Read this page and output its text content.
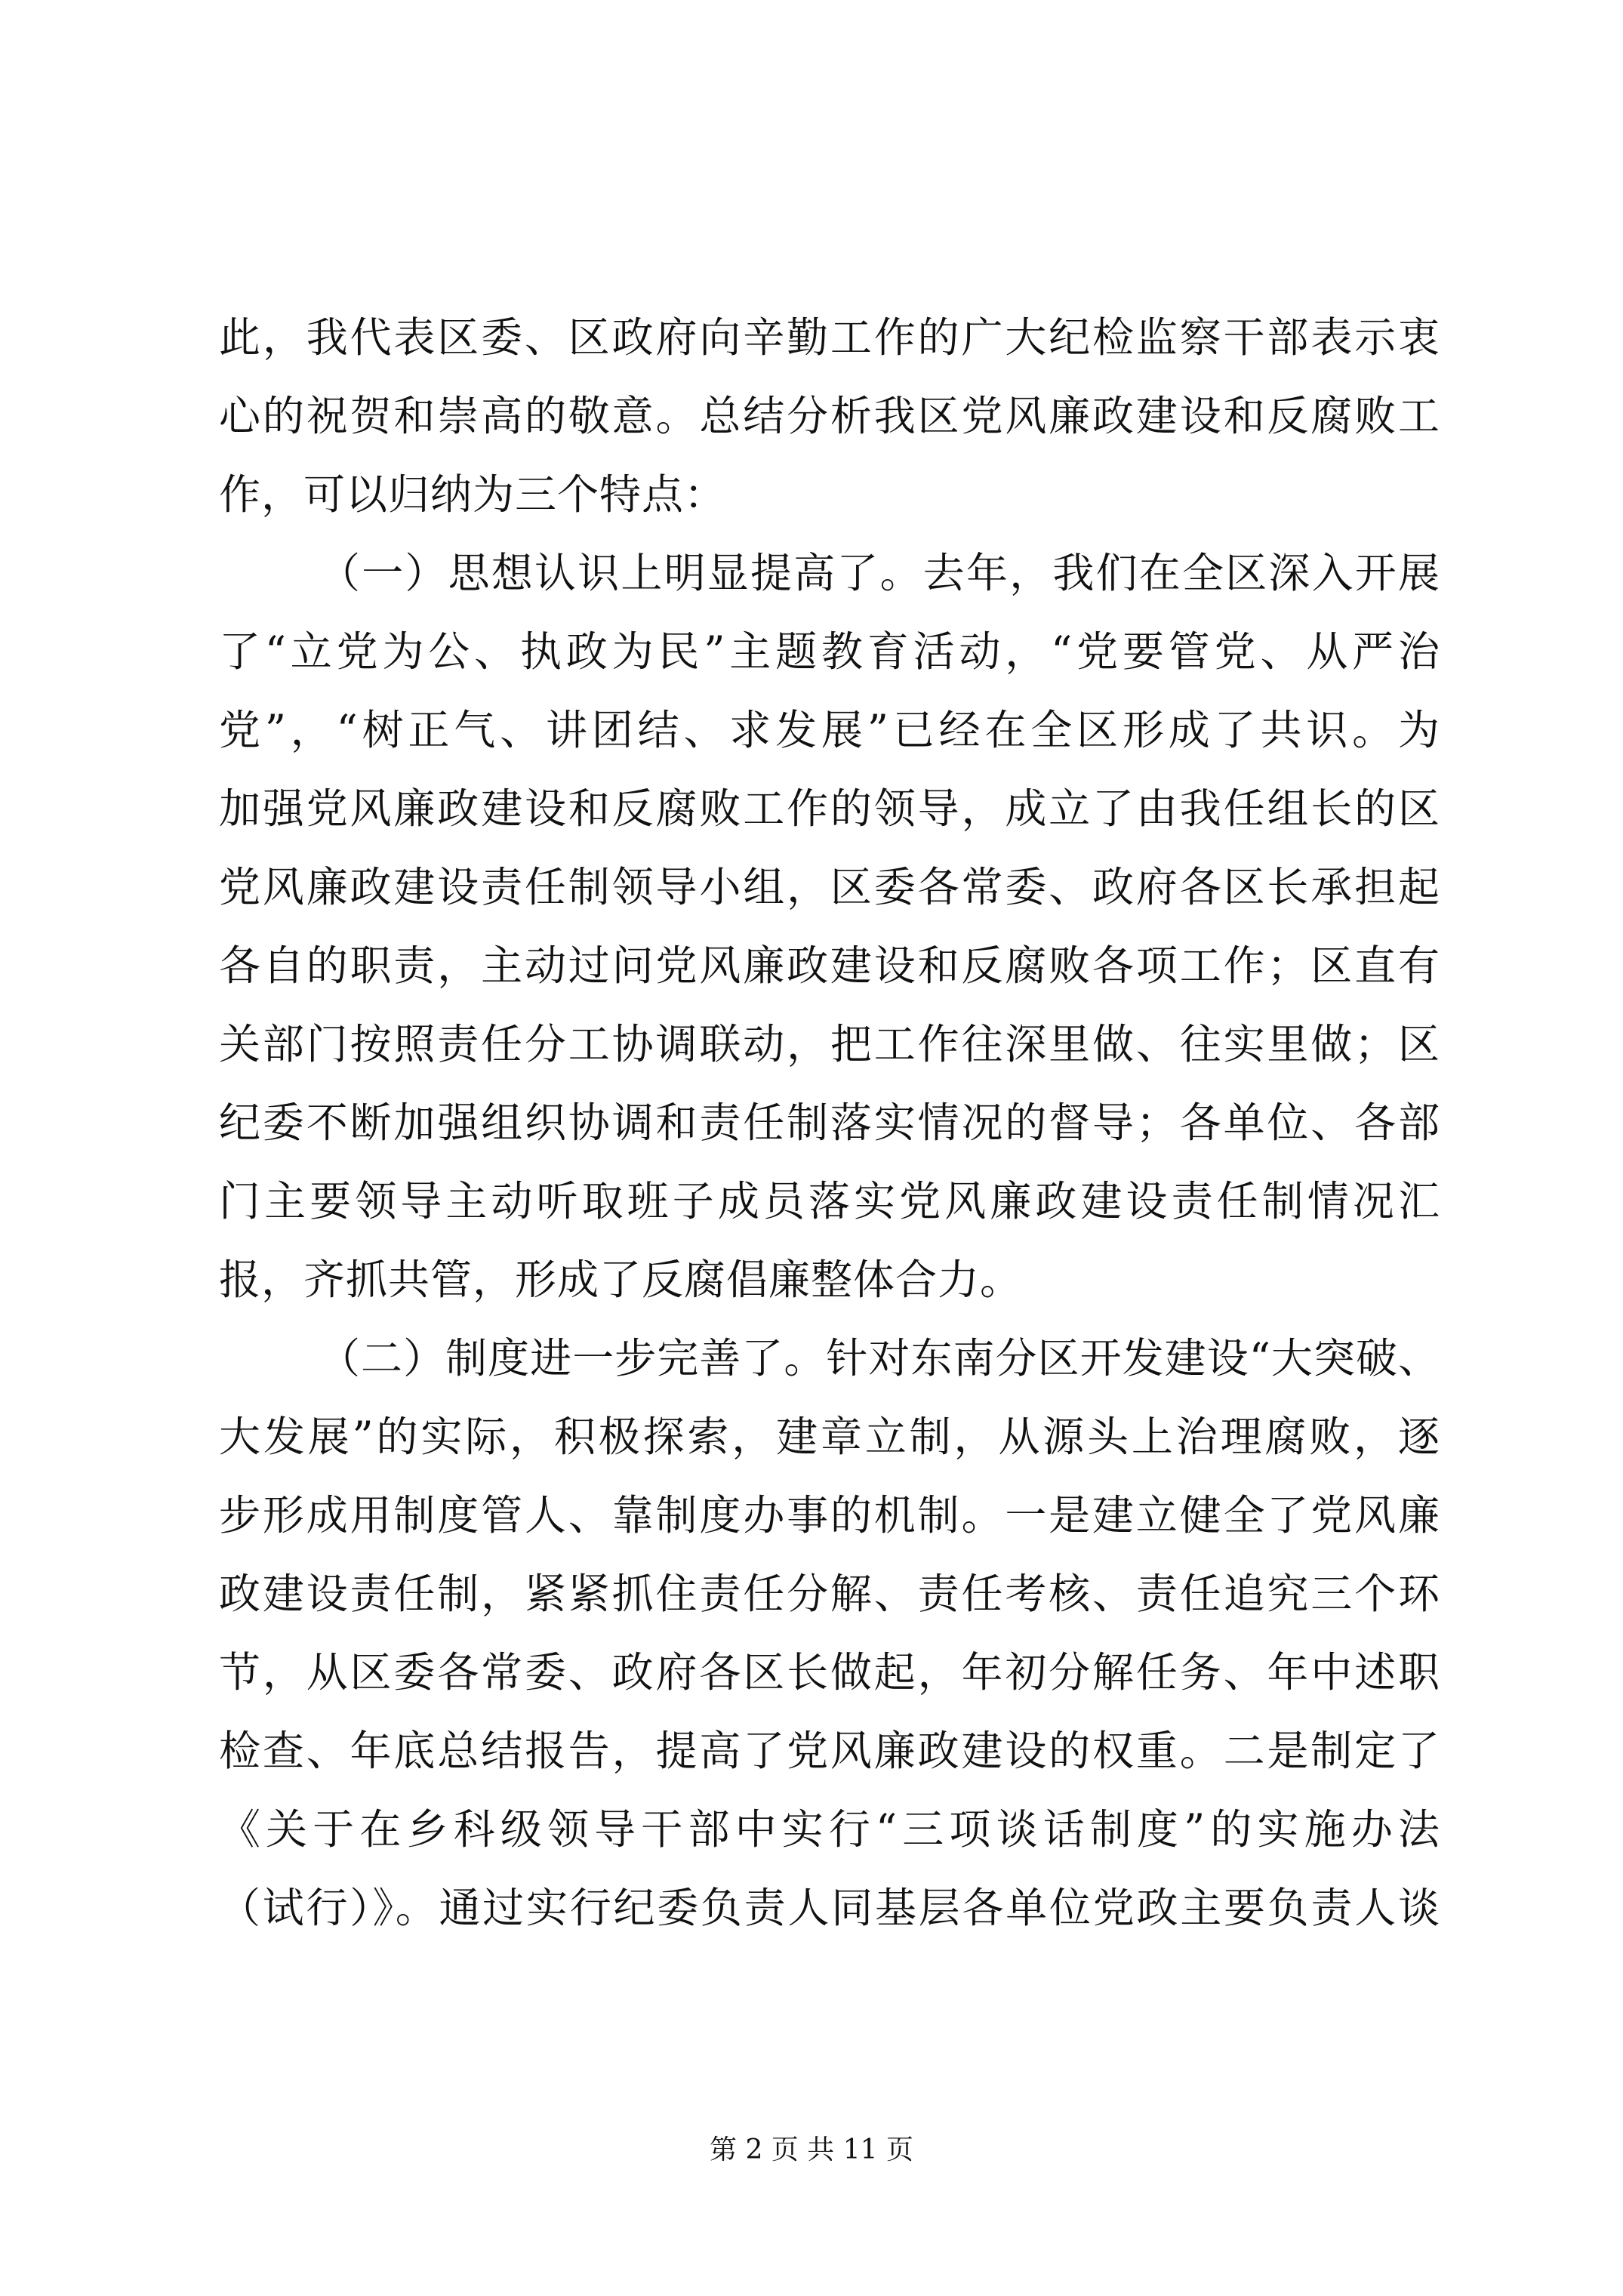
此，我代表区委、区政府向辛勤工作的广大纪检监察干部表示衷
心的祝贺和崇高的敬意。总结分析我区党风廉政建设和反腐败工
作，可以归纳为三个特点：
（一）思想认识上明显提高了。去年，我们在全区深入开展
了“立党为公、执政为民”主题教育活动，“党要管党、从严治
党”，“树正气、讲团结、求发展”已经在全区形成了共识。为
加强党风廉政建设和反腐败工作的领导，成立了由我任组长的区
党风廉政建设责任制领导小组，区委各常委、政府各区长承担起
各自的职责，主动过问党风廉政建设和反腐败各项工作；区直有
关部门按照责任分工协调联动，把工作往深里做、往实里做；区
纪委不断加强组织协调和责任制落实情况的督导；各单位、各部
门主要领导主动听取班子成员落实党风廉政建设责任制情况汇
报，齐抓共管，形成了反腐倡廉整体合力。
（二）制度进一步完善了。针对东南分区开发建设“大突破、
大发展”的实际，积极探索，建章立制，从源头上治理腐败，逐
步形成用制度管人、靠制度办事的机制。一是建立健全了党风廉
政建设责任制，紧紧抓住责任分解、责任考核、责任追究三个环
节，从区委各常委、政府各区长做起，年初分解任务、年中述职
检查、年底总结报告，提高了党风廉政建设的权重。二是制定了
《关于在乡科级领导干部中实行“三项谈话制度”的实施办法
（试行）》。通过实行纪委负责人同基层各单位党政主要负责人谈
第 2 页 共 11 页
